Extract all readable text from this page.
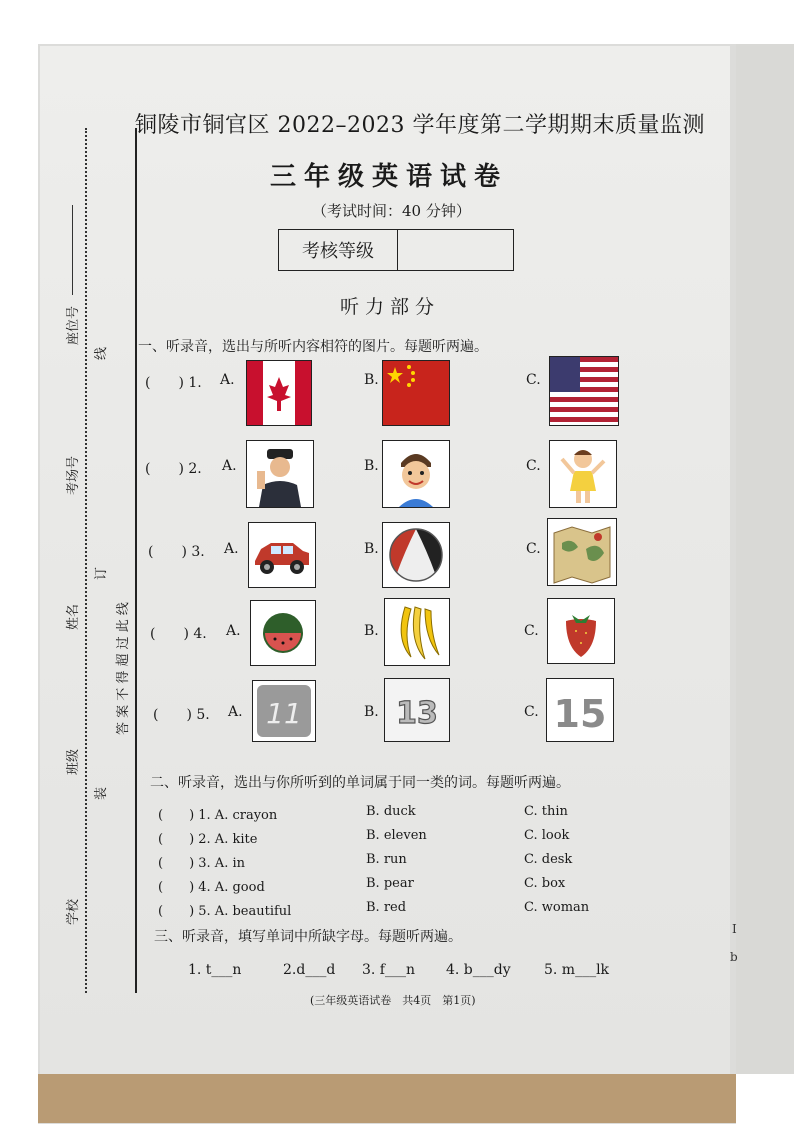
I
b
座位号
考场号
姓名
班级
学校
线
订
装
答 案 不 得 超 过 此 线
铜陵市铜官区 2022–2023 学年度第二学期期末质量监测
三年级英语试卷
（考试时间：40 分钟）
考核等级
听力部分
一、听录音，选出与所听内容相符的图片。每题听两遍。
(　　) 1. A.	B.	C.
(　　) 2. A.	B.	C.
(　　) 3. A.	B.	C.
(　　) 4. A.	B.	C.
(　　) 5. A. 11	B. 13	C. 15
二、听录音，选出与你所听到的单词属于同一类的词。每题听两遍。
(　　) 1. A. crayon	B. duck	C. thin
(　　) 2. A. kite	B. eleven	C. look
(　　) 3. A. in	B. run	C. desk
(　　) 4. A. good	B. pear	C. box
(　　) 5. A. beautiful	B. red	C. woman
三、听录音，填写单词中所缺字母。每题听两遍。
1. t___n	2.d___d 3. f___n 4. b___dy 5. m___lk
(三年级英语试卷　共4页　第1页)
